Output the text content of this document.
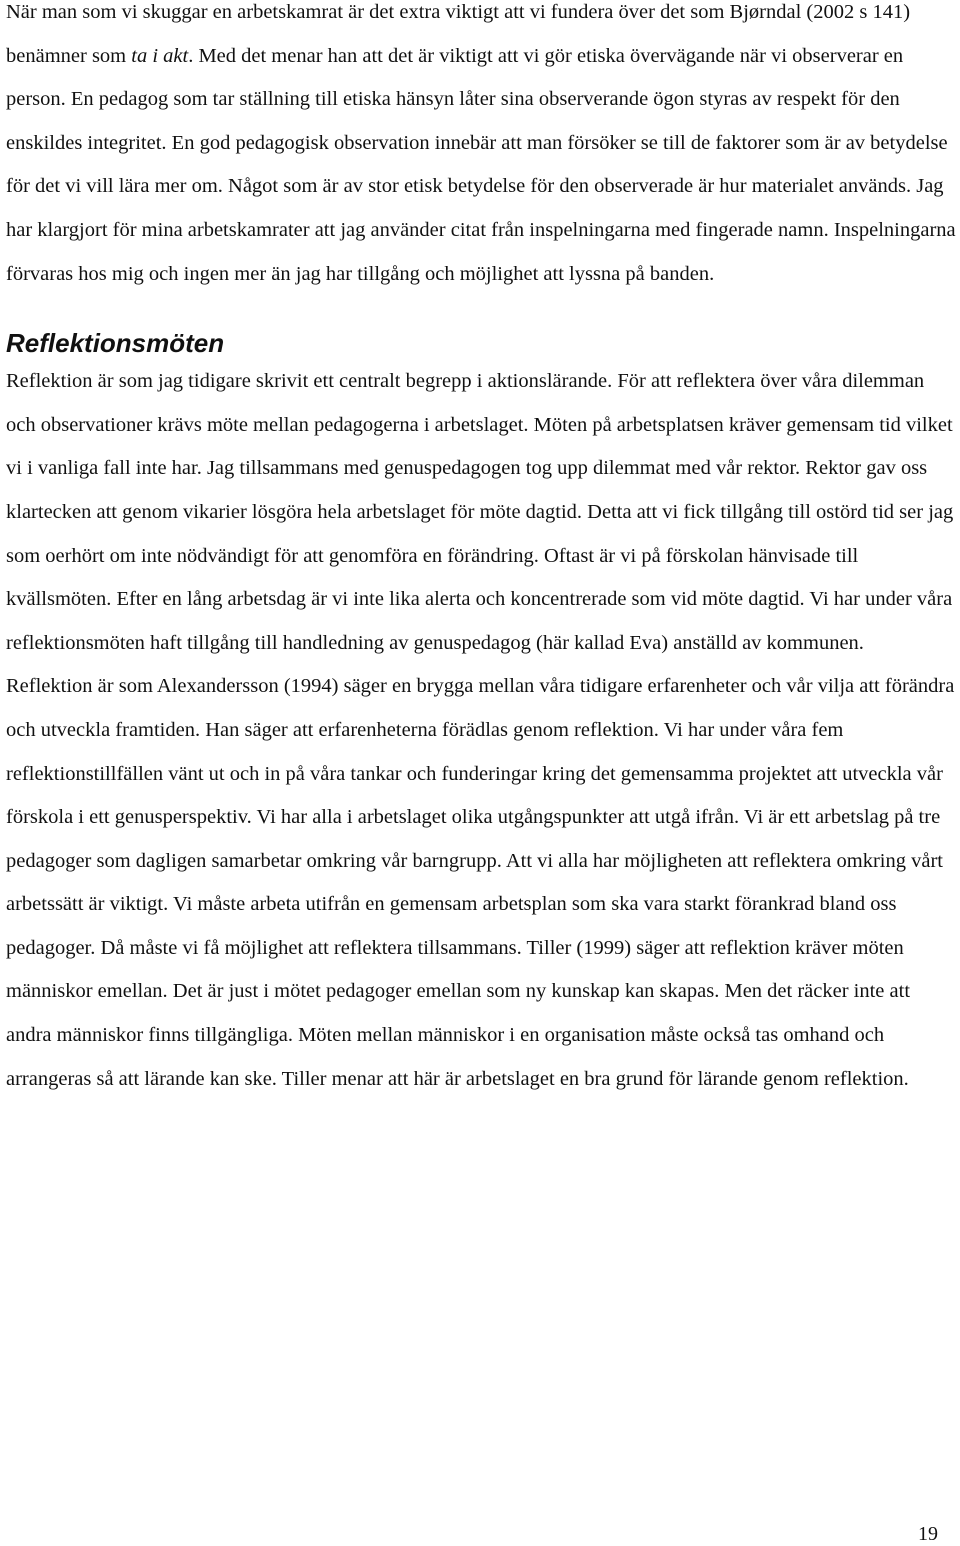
När man som vi skuggar en arbetskamrat är det extra viktigt att vi fundera över det som Bjørndal (2002 s 141) benämner som ta i akt. Med det menar han att det är viktigt att vi gör etiska övervägande när vi observerar en person. En pedagog som tar ställning till etiska hänsyn låter sina observerande ögon styras av respekt för den enskildes integritet. En god pedagogisk observation innebär att man försöker se till de faktorer som är av betydelse för det vi vill lära mer om. Något som är av stor etisk betydelse för den observerade är hur materialet används. Jag har klargjort för mina arbetskamrater att jag använder citat från inspelningarna med fingerade namn. Inspelningarna förvaras hos mig och ingen mer än jag har tillgång och möjlighet att lyssna på banden.

Reflektionsmöten

Reflektion är som jag tidigare skrivit ett centralt begrepp i aktionslärande. För att reflektera över våra dilemman och observationer krävs möte mellan pedagogerna i arbetslaget. Möten på arbetsplatsen kräver gemensam tid vilket vi i vanliga fall inte har. Jag tillsammans med genuspedagogen tog upp dilemmat med vår rektor. Rektor gav oss klartecken att genom vikarier lösgöra hela arbetslaget för möte dagtid. Detta att vi fick tillgång till ostörd tid ser jag som oerhört om inte nödvändigt för att genomföra en förändring. Oftast är vi på förskolan hänvisade till kvällsmöten. Efter en lång arbetsdag är vi inte lika alerta och koncentrerade som vid möte dagtid. Vi har under våra reflektionsmöten haft tillgång till handledning av genuspedagog (här kallad Eva) anställd av kommunen.

Reflektion är som Alexandersson (1994) säger en brygga mellan våra tidigare erfarenheter och vår vilja att förändra och utveckla framtiden. Han säger att erfarenheterna förädlas genom reflektion. Vi har under våra fem reflektionstillfällen vänt ut och in på våra tankar och funderingar kring det gemensamma projektet att utveckla vår förskola i ett genusperspektiv. Vi har alla i arbetslaget olika utgångspunkter att utgå ifrån. Vi är ett arbetslag på tre pedagoger som dagligen samarbetar omkring vår barngrupp. Att vi alla har möjligheten att reflektera omkring vårt arbetssätt är viktigt. Vi måste arbeta utifrån en gemensam arbetsplan som ska vara starkt förankrad bland oss pedagoger. Då måste vi få möjlighet att reflektera tillsammans. Tiller (1999) säger att reflektion kräver möten människor emellan. Det är just i mötet pedagoger emellan som ny kunskap kan skapas. Men det räcker inte att andra människor finns tillgängliga. Möten mellan människor i en organisation måste också tas omhand och arrangeras så att lärande kan ske. Tiller menar att här är arbetslaget en bra grund för lärande genom reflektion.

19
